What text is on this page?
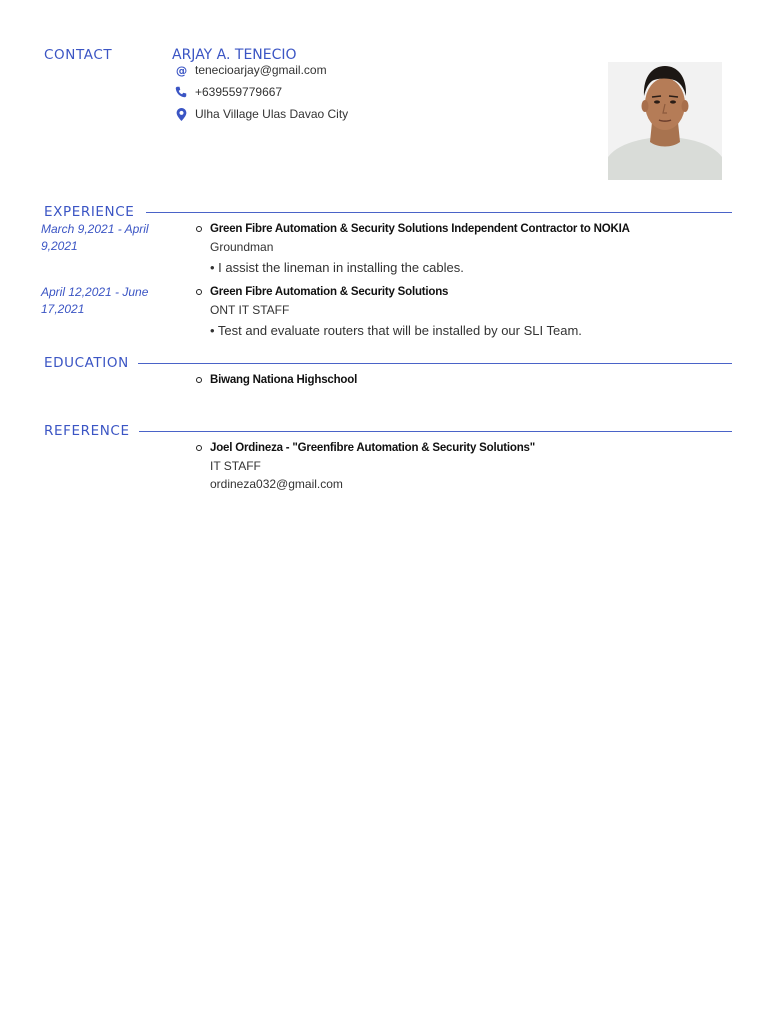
CONTACT	ARJAY A. TENECIO
@ tenecioarjay@gmail.com
+639559779667
Ulha Village Ulas Davao City
EXPERIENCE
March 9,2021 - April 9,2021
Green Fibre Automation & Security Solutions Independent Contractor to NOKIA
Groundman
• I assist the lineman in installing the cables.
April 12,2021 - June 17,2021
Green Fibre Automation & Security Solutions
ONT IT STAFF
• Test and evaluate routers that will be installed by our SLI Team.
EDUCATION
Biwang Nationa Highschool
REFERENCE
Joel Ordineza - "Greenfibre Automation & Security Solutions"
IT STAFF
ordineza032@gmail.com
